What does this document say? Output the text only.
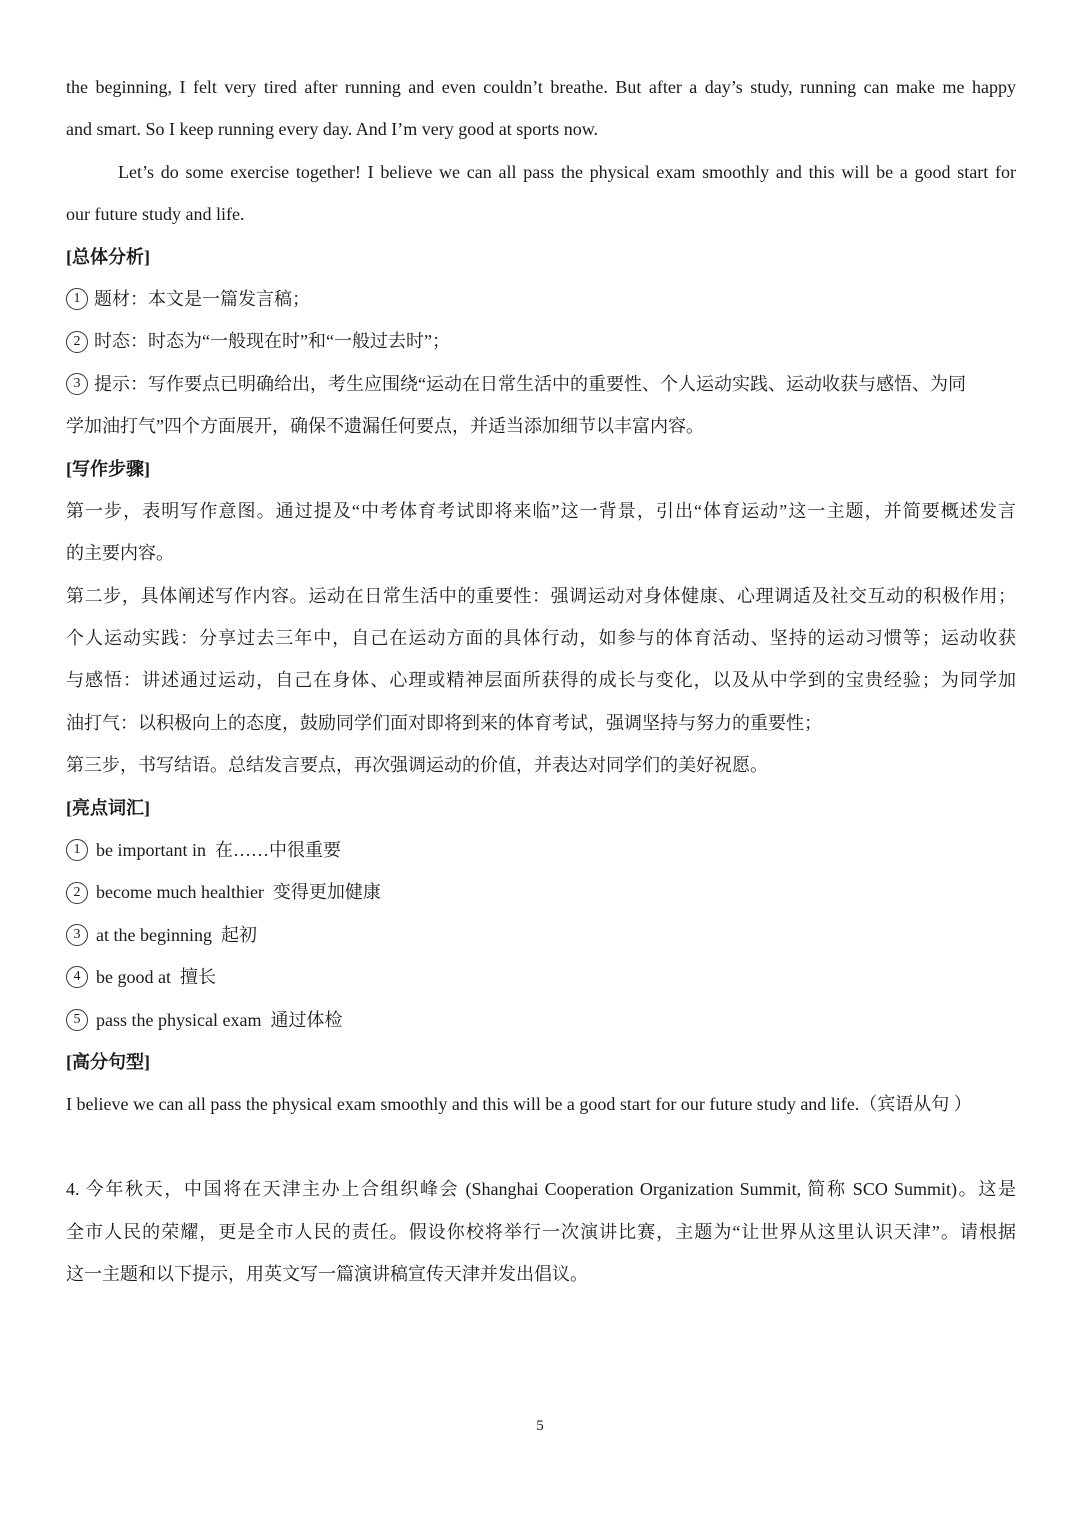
the beginning, I felt very tired after running and even couldn’t breathe. But after a day’s study, running can make me happy
and smart. So I keep running every day. And I’m very good at sports now.
Let’s do some exercise together! I believe we can all pass the physical exam smoothly and this will be a good start for
our future study and life.
[总体分析]
1 题材：本文是一篇发言稿；
2 时态：时态为“一般现在时”和“一般过去时”；
3 提示：写作要点已明确给出，考生应围绕“运动在日常生活中的重要性、个人运动实践、运动收获与感悟、为同
学加油打气”四个方面展开，确保不遗漏任何要点，并适当添加细节以丰富内容。
[写作步骤]
第一步，表明写作意图。通过提及“中考体育考试即将来临”这一背景，引出“体育运动”这一主题，并简要概述发言
的主要内容。
第二步，具体阐述写作内容。运动在日常生活中的重要性：强调运动对身体健康、心理调适及社交互动的积极作用；
个人运动实践：分享过去三年中，自己在运动方面的具体行动，如参与的体育活动、坚持的运动习惯等；运动收获
与感悟：讲述通过运动，自己在身体、心理或精神层面所获得的成长与变化，以及从中学到的宝贵经验；为同学加
油打气：以积极向上的态度，鼓励同学们面对即将到来的体育考试，强调坚持与努力的重要性；
第三步，书写结语。总结发言要点，再次强调运动的价值，并表达对同学们的美好祝愿。
[亮点词汇]
1 be important in  在……中很重要
2 become much healthier  变得更加健康
3 at the beginning  起初
4 be good at  擅长
5 pass the physical exam  通过体检
[高分句型]
I believe we can all pass the physical exam smoothly and this will be a good start for our future study and life.（宾语从句 ）
4. 今年秋天，中国将在天津主办上合组织峰会 (Shanghai Cooperation Organization Summit, 简称 SCO Summit)。这是
全市人民的荣耀，更是全市人民的责任。假设你校将举行一次演讲比赛，主题为“让世界从这里认识天津”。请根据
这一主题和以下提示，用英文写一篇演讲稿宣传天津并发出倡议。
5
